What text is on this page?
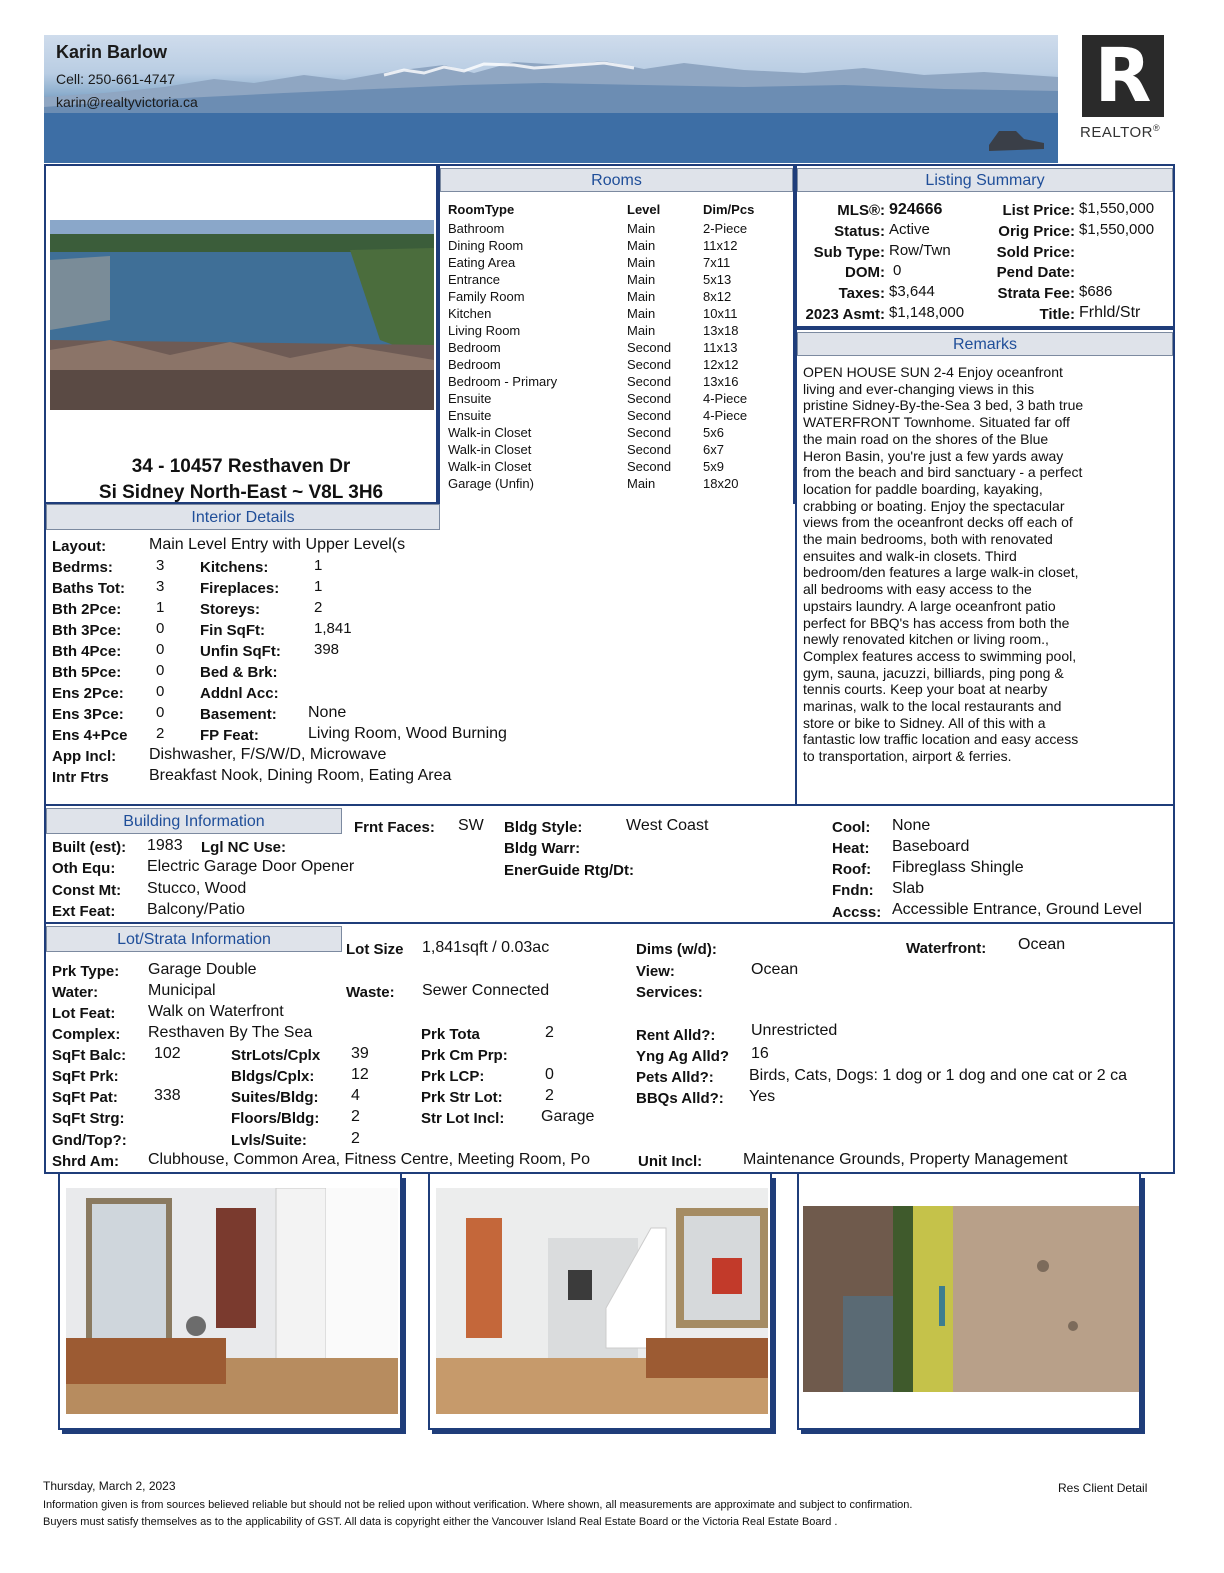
Karin Barlow
Cell: 250-661-4747
karin@realtyvictoria.ca	R
REALTOR®
34 - 10457 Resthaven Dr
Si Sidney North-East ~ V8L 3H6
Rooms
RoomType	Level	Dim/Pcs
Bathroom	Main	2-Piece
Dining Room	Main	11x12
Eating Area	Main	7x11
Entrance	Main	5x13
Family Room	Main	8x12
Kitchen	Main	10x11
Living Room	Main	13x18
Bedroom	Second 11x13
Bedroom	Second 12x12
Bedroom - Primary	Second 13x16
Ensuite	Second 4-Piece
Ensuite	Second 4-Piece
Walk-in Closet	Second 5x6
Walk-in Closet	Second 6x7
Walk-in Closet	Second 5x9
Garage (Unfin)	Main	18x20

Listing Summary
MLS®: 924666
Status: Active
Sub Type: Row/Twn
DOM: 0
Taxes: $3,644
2023 Asmt: $1,148,000
List Price: $1,550,000
Orig Price: $1,550,000
Sold Price:
Pend Date:
Strata Fee: $686
Title: Frhld/Str
Remarks
OPEN HOUSE SUN 2-4 Enjoy oceanfront
living and ever-changing views in this
pristine Sidney-By-the-Sea 3 bed, 3 bath true
WATERFRONT Townhome. Situated far off
the main road on the shores of the Blue
Heron Basin, you're just a few yards away
from the beach and bird sanctuary - a perfect
location for paddle boarding, kayaking,
crabbing or boating. Enjoy the spectacular
views from the oceanfront decks off each of
the main bedrooms, both with renovated
ensuites and walk-in closets. Third
bedroom/den features a large walk-in closet,
all bedrooms with easy access to the
upstairs laundry. A large oceanfront patio
perfect for BBQ's has access from both the
newly renovated kitchen or living room.,
Complex features access to swimming pool,
gym, sauna, jacuzzi, billiards, ping pong &
tennis courts. Keep your boat at nearby
marinas, walk to the local restaurants and
store or bike to Sidney. All of this with a
fantastic low traffic location and easy access
to transportation, airport & ferries.
Interior Details
Layout:	Main Level Entry with Upper Level(s
Bedrms:	3 Kitchens:	1
Baths Tot: 3 Fireplaces: 1
Bth 2Pce: 1 Storeys:	2
Bth 3Pce: 0 Fin SqFt:	1,841
Bth 4Pce: 0 Unfin SqFt: 398
Bth 5Pce: 0 Bed & Brk:
Ens 2Pce: 0 Addnl Acc:
Ens 3Pce: 0 Basement: None
Ens 4+Pce 2 FP Feat:	Living Room, Wood Burning
App Incl: Dishwasher, F/S/W/D, Microwave
Intr Ftrs	Breakfast Nook, Dining Room, Eating Area
Building Information	Frnt Faces: SW
Built (est): 1983 Lgl NC Use:
Oth Equ: Electric Garage Door Opener
Const Mt: Stucco, Wood
Ext Feat: Balcony/Patio
Bldg Style:	West Coast
Bldg Warr:
EnerGuide Rtg/Dt:
Cool: None
Heat: Baseboard
Roof: Fibreglass Shingle
Fndn: Slab
Accss: Accessible Entrance, Ground Level
Lot/Strata Information
Lot Size 1,841sqft / 0.03ac	Dims (w/d):	Waterfront: Ocean
Prk Type: Garage Double	View:	Ocean
Water:	Municipal	Waste: Sewer Connected	Services:
Lot Feat: Walk on Waterfront
Complex: Resthaven By The Sea	Prk Tota	2	Rent Alld?: Unrestricted
SqFt Balc: 102	StrLots/Cplx 39	Prk Cm Prp:	Yng Ag Alld? 16
SqFt Prk:	Bldgs/Cplx: 12	Prk LCP:	0	Pets Alld?: Birds, Cats, Dogs: 1 dog or 1 dog and one cat or 2 ca
SqFt Pat: 338	Suites/Bldg: 4	Prk Str Lot:	2	BBQs Alld?: Yes
SqFt Strg:	Floors/Bldg: 2	Str Lot Incl: Garage
Gnd/Top?:	Lvls/Suite:	2
Shrd Am: Clubhouse, Common Area, Fitness Centre, Meeting Room, Po	Unit Incl:	Maintenance Grounds, Property Management
Thursday, March 2, 2023	Res Client Detail
Information given is from sources believed reliable but should not be relied upon without verification. Where shown, all measurements are approximate and subject to confirmation.
Buyers must satisfy themselves as to the applicability of GST. All data is copyright either the Vancouver Island Real Estate Board or the Victoria Real Estate Board .
